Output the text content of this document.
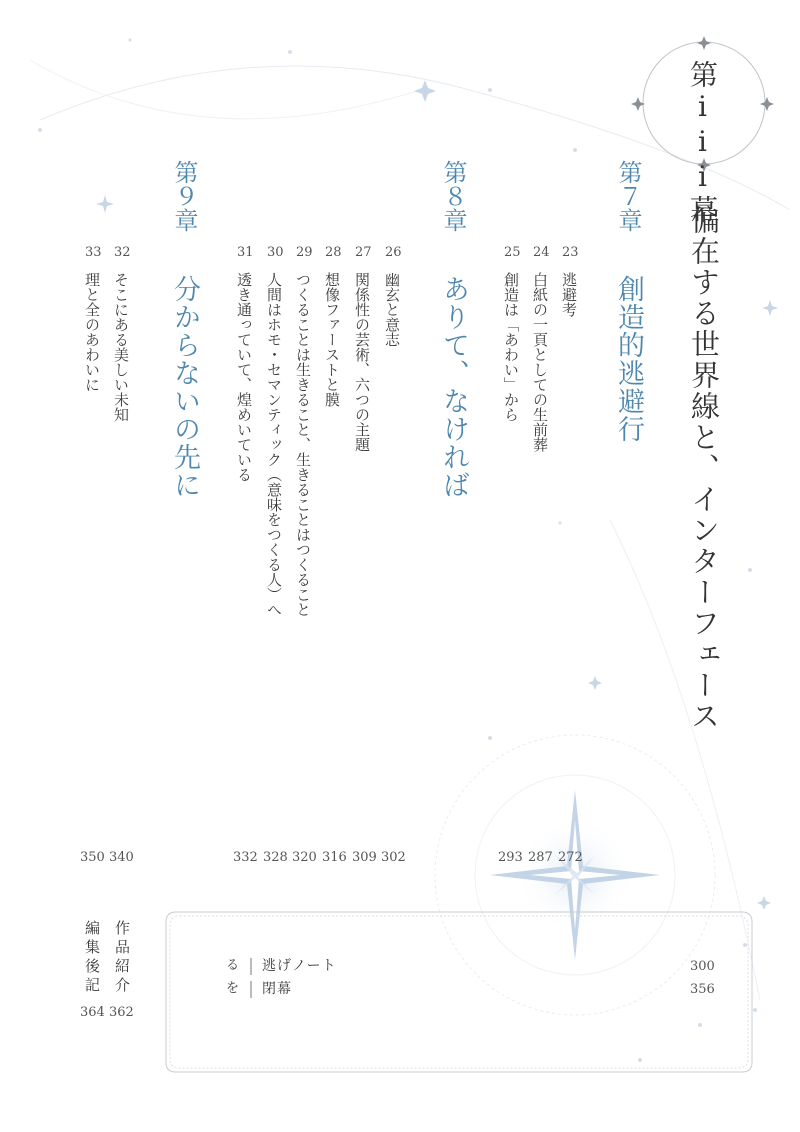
第iii幕
偏在する世界線と、インターフェース
第７章
創造的逃避行
23
逃避考
24
白紙の一頁としての生前葬
25
創造は「あわい」から
第８章
ありて、なければ
26
幽玄と意志
27
関係性の芸術、六つの主題
28
想像ファーストと膜
29
つくることは生きること、生きることはつくること
30
人間はホモ・セマンティック（意味をつくる人）へ
31
透き通っていて、煌めいている
第９章
分からないの先に
32
そこにある美しい未知
33
理と全のあわいに
272
287
293
302
309
316
320
328
332
340
350
作品紹介
編集後記
362
364
る 逃げノート	300
を 閉幕	356
